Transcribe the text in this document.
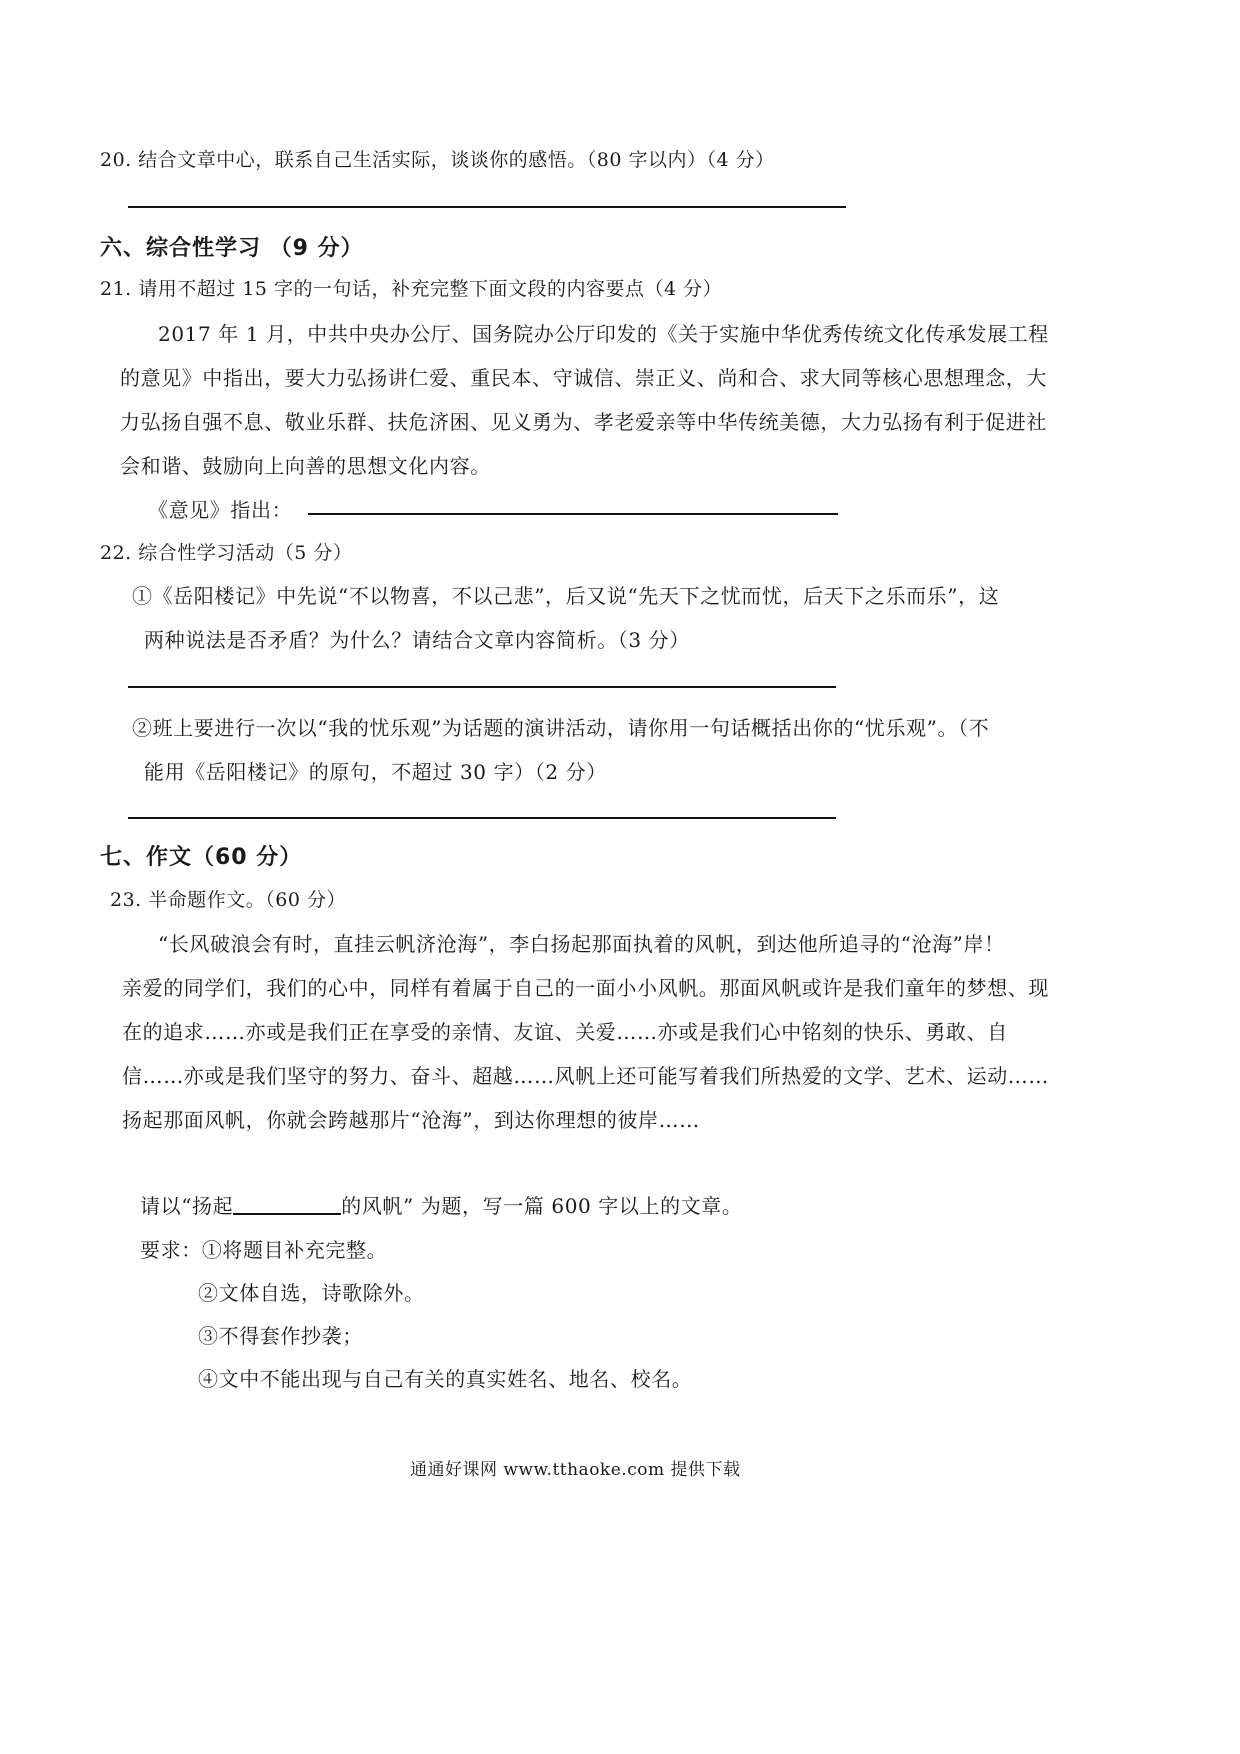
20. 结合文章中心，联系自己生活实际，谈谈你的感悟。（80 字以内）（4 分）
六、综合性学习 （9 分）
21. 请用不超过 15 字的一句话，补充完整下面文段的内容要点（4 分）
2017 年 1 月，中共中央办公厅、国务院办公厅印发的《关于实施中华优秀传统文化传承发展工程
的意见》中指出，要大力弘扬讲仁爱、重民本、守诚信、崇正义、尚和合、求大同等核心思想理念，大
力弘扬自强不息、敬业乐群、扶危济困、见义勇为、孝老爱亲等中华传统美德，大力弘扬有利于促进社
会和谐、鼓励向上向善的思想文化内容。
《意见》指出：
22. 综合性学习活动（5 分）
①《岳阳楼记》中先说“不以物喜，不以己悲”，后又说“先天下之忧而忧，后天下之乐而乐”，这
两种说法是否矛盾？为什么？请结合文章内容简析。（3 分）
②班上要进行一次以“我的忧乐观”为话题的演讲活动，请你用一句话概括出你的“忧乐观”。（不
能用《岳阳楼记》的原句，不超过 30 字）（2 分）
七、作文（60 分）
23. 半命题作文。（60 分）
“长风破浪会有时，直挂云帆济沧海”，李白扬起那面执着的风帆，到达他所追寻的“沧海”岸！
亲爱的同学们，我们的心中，同样有着属于自己的一面小小风帆。那面风帆或许是我们童年的梦想、现
在的追求……亦或是我们正在享受的亲情、友谊、关爱……亦或是我们心中铭刻的快乐、勇敢、自
信……亦或是我们坚守的努力、奋斗、超越……风帆上还可能写着我们所热爱的文学、艺术、运动……
扬起那面风帆，你就会跨越那片“沧海”，到达你理想的彼岸……
请以“扬起	的风帆” 为题，写一篇 600 字以上的文章。
要求：①将题目补充完整。
②文体自选，诗歌除外。
③不得套作抄袭；
④文中不能出现与自己有关的真实姓名、地名、校名。
通通好课网 www.tthaoke.com 提供下载
